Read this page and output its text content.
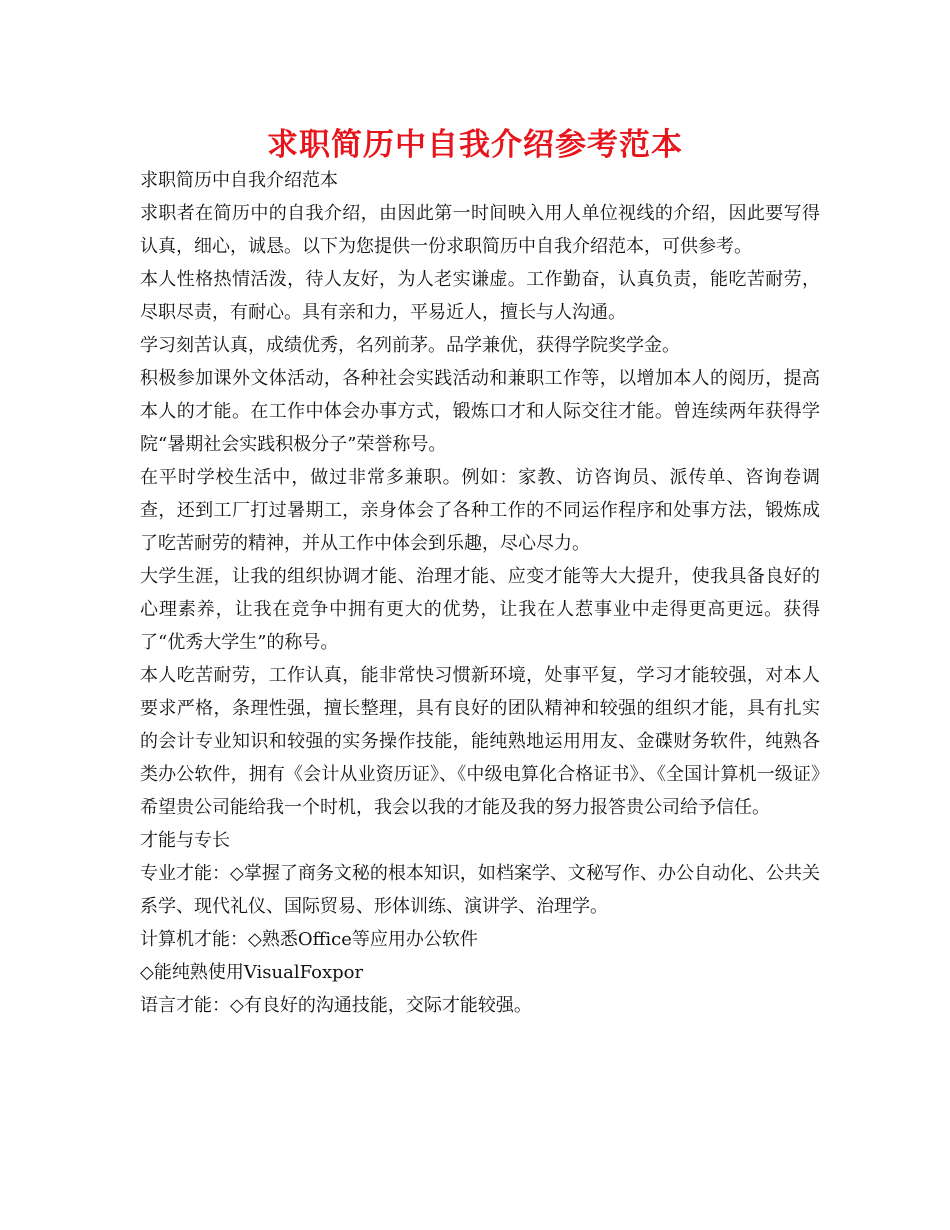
求职简历中自我介绍参考范本

求职简历中自我介绍范本

求职者在简历中的自我介绍，由因此第一时间映入用人单位视线的介绍，因此要写得认真，细心，诚恳。以下为您提供一份求职简历中自我介绍范本，可供参考。

本人性格热情活泼，待人友好，为人老实谦虚。工作勤奋，认真负责，能吃苦耐劳，尽职尽责，有耐心。具有亲和力，平易近人，擅长与人沟通。

学习刻苦认真，成绩优秀，名列前茅。品学兼优，获得学院奖学金。

积极参加课外文体活动，各种社会实践活动和兼职工作等，以增加本人的阅历，提高本人的才能。在工作中体会办事方式，锻炼口才和人际交往才能。曾连续两年获得学院“暑期社会实践积极分子”荣誉称号。

在平时学校生活中，做过非常多兼职。例如：家教、访咨询员、派传单、咨询卷调查，还到工厂打过暑期工，亲身体会了各种工作的不同运作程序和处事方法，锻炼成了吃苦耐劳的精神，并从工作中体会到乐趣，尽心尽力。

大学生涯，让我的组织协调才能、治理才能、应变才能等大大提升，使我具备良好的心理素养，让我在竞争中拥有更大的优势，让我在人惹事业中走得更高更远。获得了“优秀大学生”的称号。

本人吃苦耐劳，工作认真，能非常快习惯新环境，处事平复，学习才能较强，对本人要求严格，条理性强，擅长整理，具有良好的团队精神和较强的组织才能，具有扎实的会计专业知识和较强的实务操作技能，能纯熟地运用用友、金碟财务软件，纯熟各类办公软件，拥有《会计从业资历证》、《中级电算化合格证书》、《全国计算机一级证》希望贵公司能给我一个时机，我会以我的才能及我的努力报答贵公司给予信任。

才能与专长

专业才能：◇掌握了商务文秘的根本知识，如档案学、文秘写作、办公自动化、公共关系学、现代礼仪、国际贸易、形体训练、演讲学、治理学。

计算机才能：◇熟悉Office等应用办公软件

◇能纯熟使用VisualFoxpor

语言才能：◇有良好的沟通技能，交际才能较强。
